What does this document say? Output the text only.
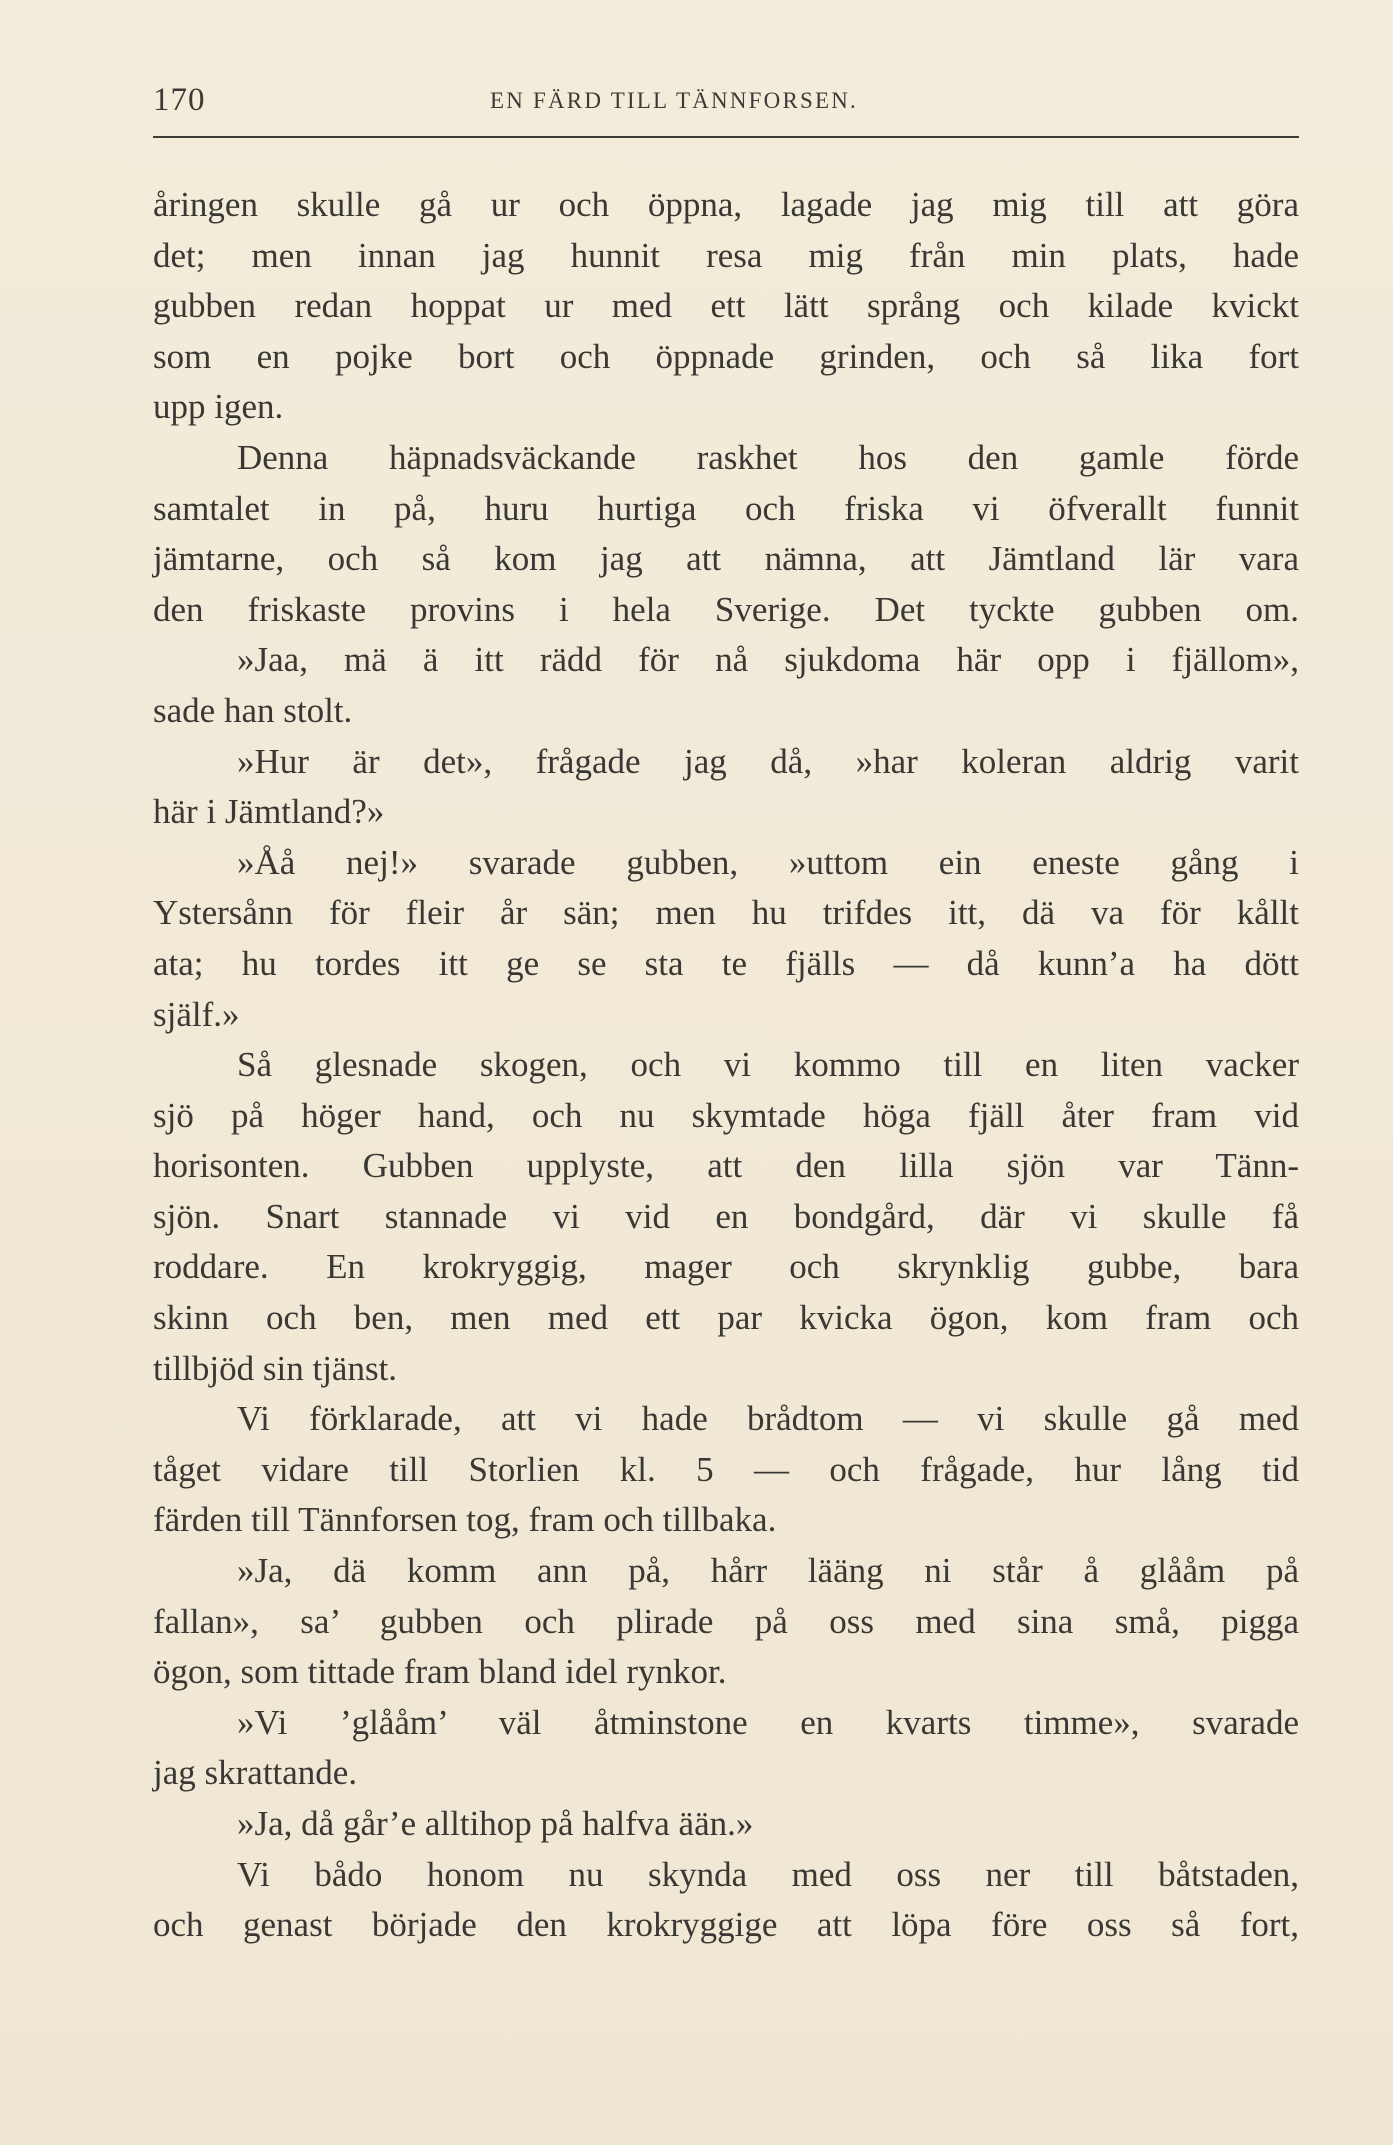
170	EN FÄRD TILL TÄNNFORSEN.
åringen skulle gå ur och öppna, lagade jag mig till att göra
det; men innan jag hunnit resa mig från min plats, hade
gubben redan hoppat ur med ett lätt språng och kilade kvickt
som en pojke bort och öppnade grinden, och så lika fort
upp igen.
Denna häpnadsväckande raskhet hos den gamle förde
samtalet in på, huru hurtiga och friska vi öfverallt funnit
jämtarne, och så kom jag att nämna, att Jämtland lär vara
den friskaste provins i hela Sverige. Det tyckte gubben om.
»Jaa, mä ä itt rädd för nå sjukdoma här opp i fjällom»,
sade han stolt.
»Hur är det», frågade jag då, »har koleran aldrig varit
här i Jämtland?»
»Åå nej!» svarade gubben, »uttom ein eneste gång i
Ystersånn för fleir år sän; men hu trifdes itt, dä va för kållt
ata; hu tordes itt ge se sta te fjälls — då kunn’a ha dött
själf.»
Så glesnade skogen, och vi kommo till en liten vacker
sjö på höger hand, och nu skymtade höga fjäll åter fram vid
horisonten. Gubben upplyste, att den lilla sjön var Tänn-
sjön. Snart stannade vi vid en bondgård, där vi skulle få
roddare. En krokryggig, mager och skrynklig gubbe, bara
skinn och ben, men med ett par kvicka ögon, kom fram och
tillbjöd sin tjänst.
Vi förklarade, att vi hade brådtom — vi skulle gå med
tåget vidare till Storlien kl. 5 — och frågade, hur lång tid
färden till Tännforsen tog, fram och tillbaka.
»Ja, dä komm ann på, hårr lääng ni står å glååm på
fallan», sa’ gubben och plirade på oss med sina små, pigga
ögon, som tittade fram bland idel rynkor.
»Vi ’glååm’ väl åtminstone en kvarts timme», svarade
jag skrattande.
»Ja, då går’e alltihop på halfva ään.»
Vi bådo honom nu skynda med oss ner till båtstaden,
och genast började den krokryggige att löpa före oss så fort,
